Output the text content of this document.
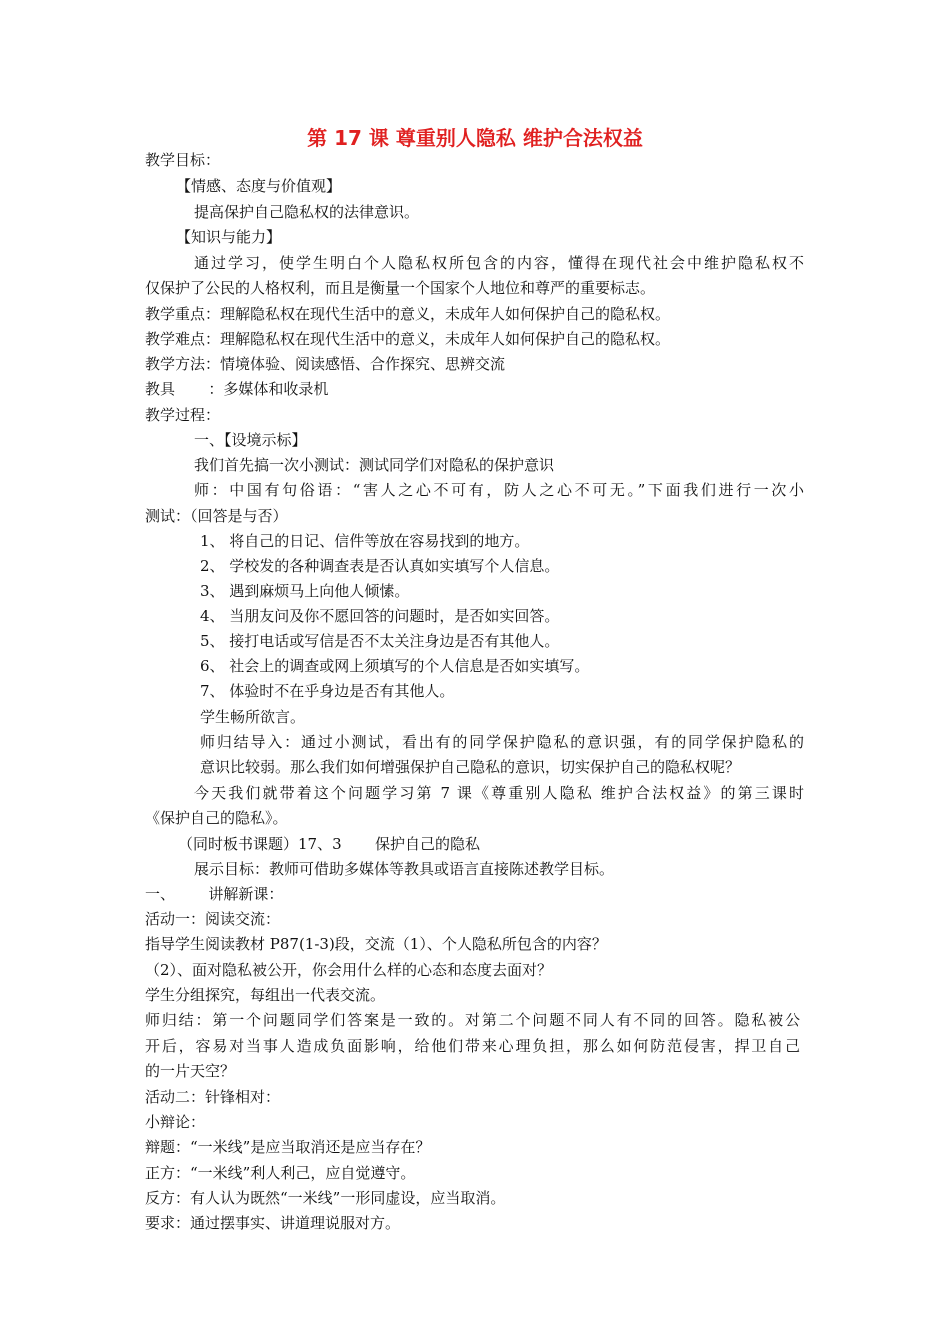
第 17 课 尊重别人隐私 维护合法权益
教学目标：
【情感、态度与价值观】
提高保护自己隐私权的法律意识。
【知识与能力】
通过学习，使学生明白个人隐私权所包含的内容，懂得在现代社会中维护隐私权不
仅保护了公民的人格权利，而且是衡量一个国家个人地位和尊严的重要标志。
教学重点：理解隐私权在现代生活中的意义，未成年人如何保护自己的隐私权。
教学难点：理解隐私权在现代生活中的意义，未成年人如何保护自己的隐私权。
教学方法：情境体验、阅读感悟、合作探究、思辨交流
教具       ：多媒体和收录机
教学过程：
一、【设境示标】
我们首先搞一次小测试：测试同学们对隐私的保护意识
师：中国有句俗语：“害人之心不可有，防人之心不可无。”下面我们进行一次小
测试：（回答是与否）
1、 将自己的日记、信件等放在容易找到的地方。
2、 学校发的各种调查表是否认真如实填写个人信息。
3、 遇到麻烦马上向他人倾愫。
4、 当朋友问及你不愿回答的问题时，是否如实回答。
5、 接打电话或写信是否不太关注身边是否有其他人。
6、 社会上的调查或网上须填写的个人信息是否如实填写。
7、 体验时不在乎身边是否有其他人。
学生畅所欲言。
师归结导入：通过小测试，看出有的同学保护隐私的意识强，有的同学保护隐私的
意识比较弱。那么我们如何增强保护自己隐私的意识，切实保护自己的隐私权呢？
今天我们就带着这个问题学习第 7 课《尊重别人隐私 维护合法权益》的第三课时
《保护自己的隐私》。
（同时板书课题）17、3       保护自己的隐私
展示目标：教师可借助多媒体等教具或语言直接陈述教学目标。
一、       讲解新课：
活动一：阅读交流：
指导学生阅读教材 P87(1-3)段，交流（1）、个人隐私所包含的内容？
（2）、面对隐私被公开，你会用什么样的心态和态度去面对？
学生分组探究，每组出一代表交流。
师归结：第一个问题同学们答案是一致的。对第二个问题不同人有不同的回答。隐私被公
开后，容易对当事人造成负面影响，给他们带来心理负担，那么如何防范侵害，捍卫自己
的一片天空？
活动二：针锋相对：
小辩论：
辩题：“一米线”是应当取消还是应当存在？
正方：“一米线”利人利己，应自觉遵守。
反方：有人认为既然“一米线”一形同虚设，应当取消。
要求：通过摆事实、讲道理说服对方。
